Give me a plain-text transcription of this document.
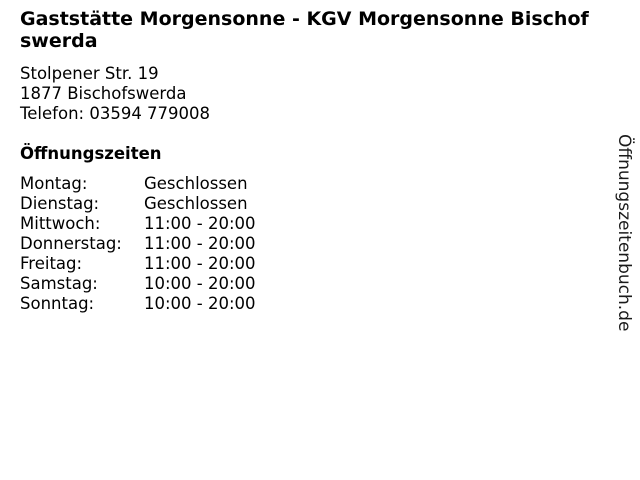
Gaststätte Morgensonne - KGV Morgensonne Bischofswerda
Stolpener Str. 19
1877 Bischofswerda
Telefon: 03594 779008
Öffnungszeiten
Montag:	Geschlossen
Dienstag:	Geschlossen
Mittwoch:	11:00 - 20:00
Donnerstag:	11:00 - 20:00
Freitag:	11:00 - 20:00
Samstag:	10:00 - 20:00
Sonntag:	10:00 - 20:00	Öffnungszeitenbuch.de
